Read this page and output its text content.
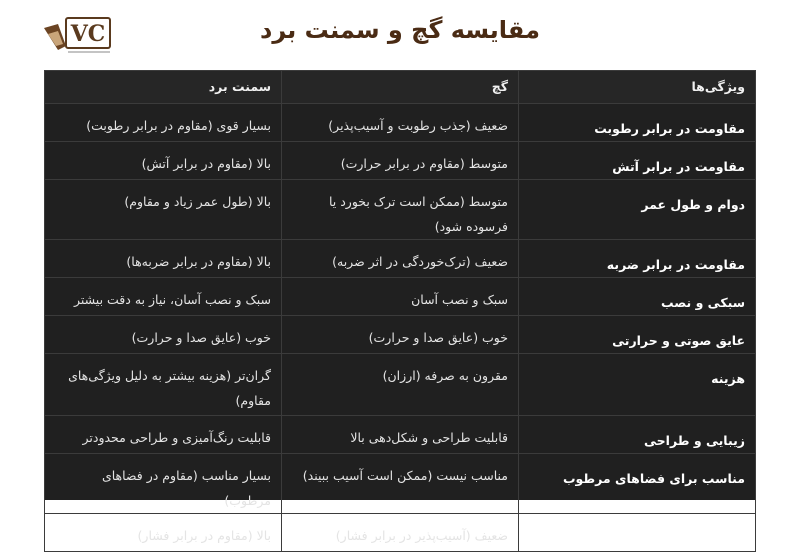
VC	مقایسه گچ و سمنت برد
ویژگی‌ها	گچ	سمنت برد
مقاومت در برابر رطوبت	ضعیف (جذب رطوبت و آسیب‌پذیر)	بسیار قوی (مقاوم در برابر رطوبت)
مقاومت در برابر آتش	متوسط (مقاوم در برابر حرارت)	بالا (مقاوم در برابر آتش)
دوام و طول عمر	متوسط (ممکن است ترک بخورد یا فرسوده شود)	بالا (طول عمر زیاد و مقاوم)
مقاومت در برابر ضربه	ضعیف (ترک‌خوردگی در اثر ضربه)	بالا (مقاوم در برابر ضربه‌ها)
سبکی و نصب	سبک و نصب آسان	سبک و نصب آسان، نیاز به دقت بیشتر
عایق صوتی و حرارتی	خوب (عایق صدا و حرارت)	خوب (عایق صدا و حرارت)
هزینه	مقرون به صرفه (ارزان)	گران‌تر (هزینه بیشتر به دلیل ویژگی‌های مقاوم)
زیبایی و طراحی	قابلیت طراحی و شکل‌دهی بالا	قابلیت رنگ‌آمیزی و طراحی محدودتر
مناسب برای فضاهای مرطوب	مناسب نیست (ممکن است آسیب ببیند)	بسیار مناسب (مقاوم در فضاهای مرطوب)
مقاومت در برابر فشار	ضعیف (آسیب‌پذیر در برابر فشار)	بالا (مقاوم در برابر فشار)
